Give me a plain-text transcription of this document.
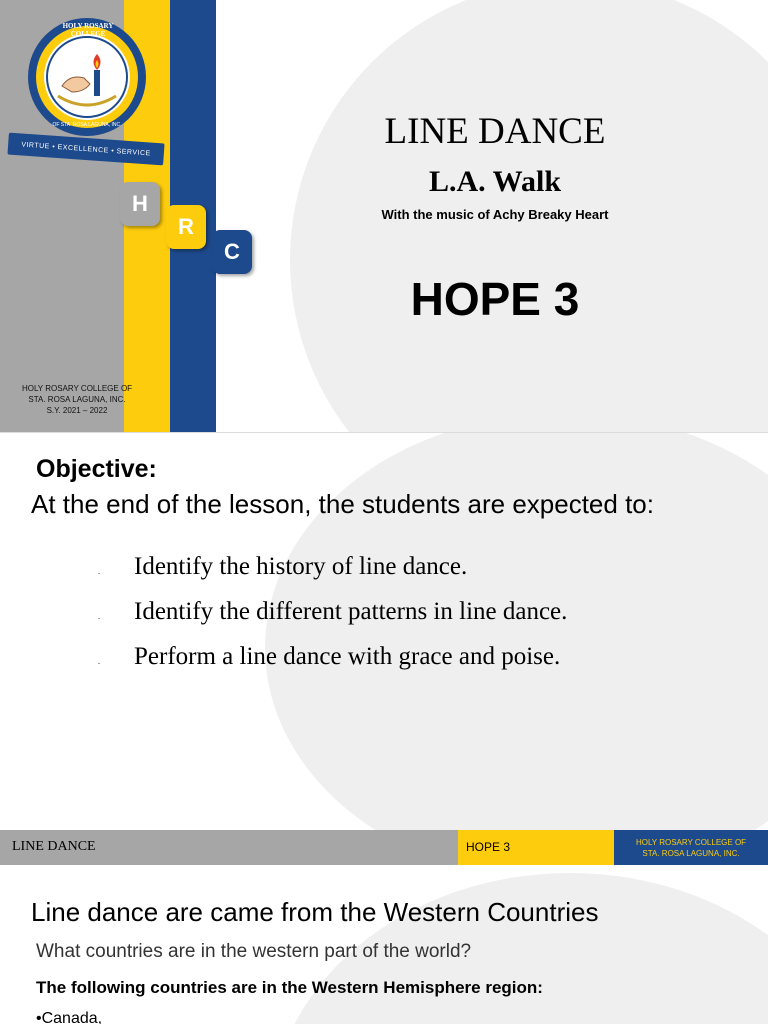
HOLY ROSARY COLLEGE
OF STA. ROSA LAGUNA, INC.
VIRTUE • EXCELLENCE • SERVICE
H
R
C
HOLY ROSARY COLLEGE OF
STA. ROSA LAGUNA, INC.
S.Y. 2021 – 2022
LINE DANCE
L.A. Walk
With the music of Achy Breaky Heart
HOPE 3
Objective:
At the end of the lesson, the students are expected to:
. Identify the history of line dance.
. Identify the different patterns in line dance.
. Perform a line dance with grace and poise.
LINE DANCE	HOPE 3	HOLY ROSARY COLLEGE OF
STA. ROSA LAGUNA, INC.
Line dance are came from the Western Countries
What countries are in the western part of the world?
The following countries are in the Western Hemisphere region:
•Canada,
